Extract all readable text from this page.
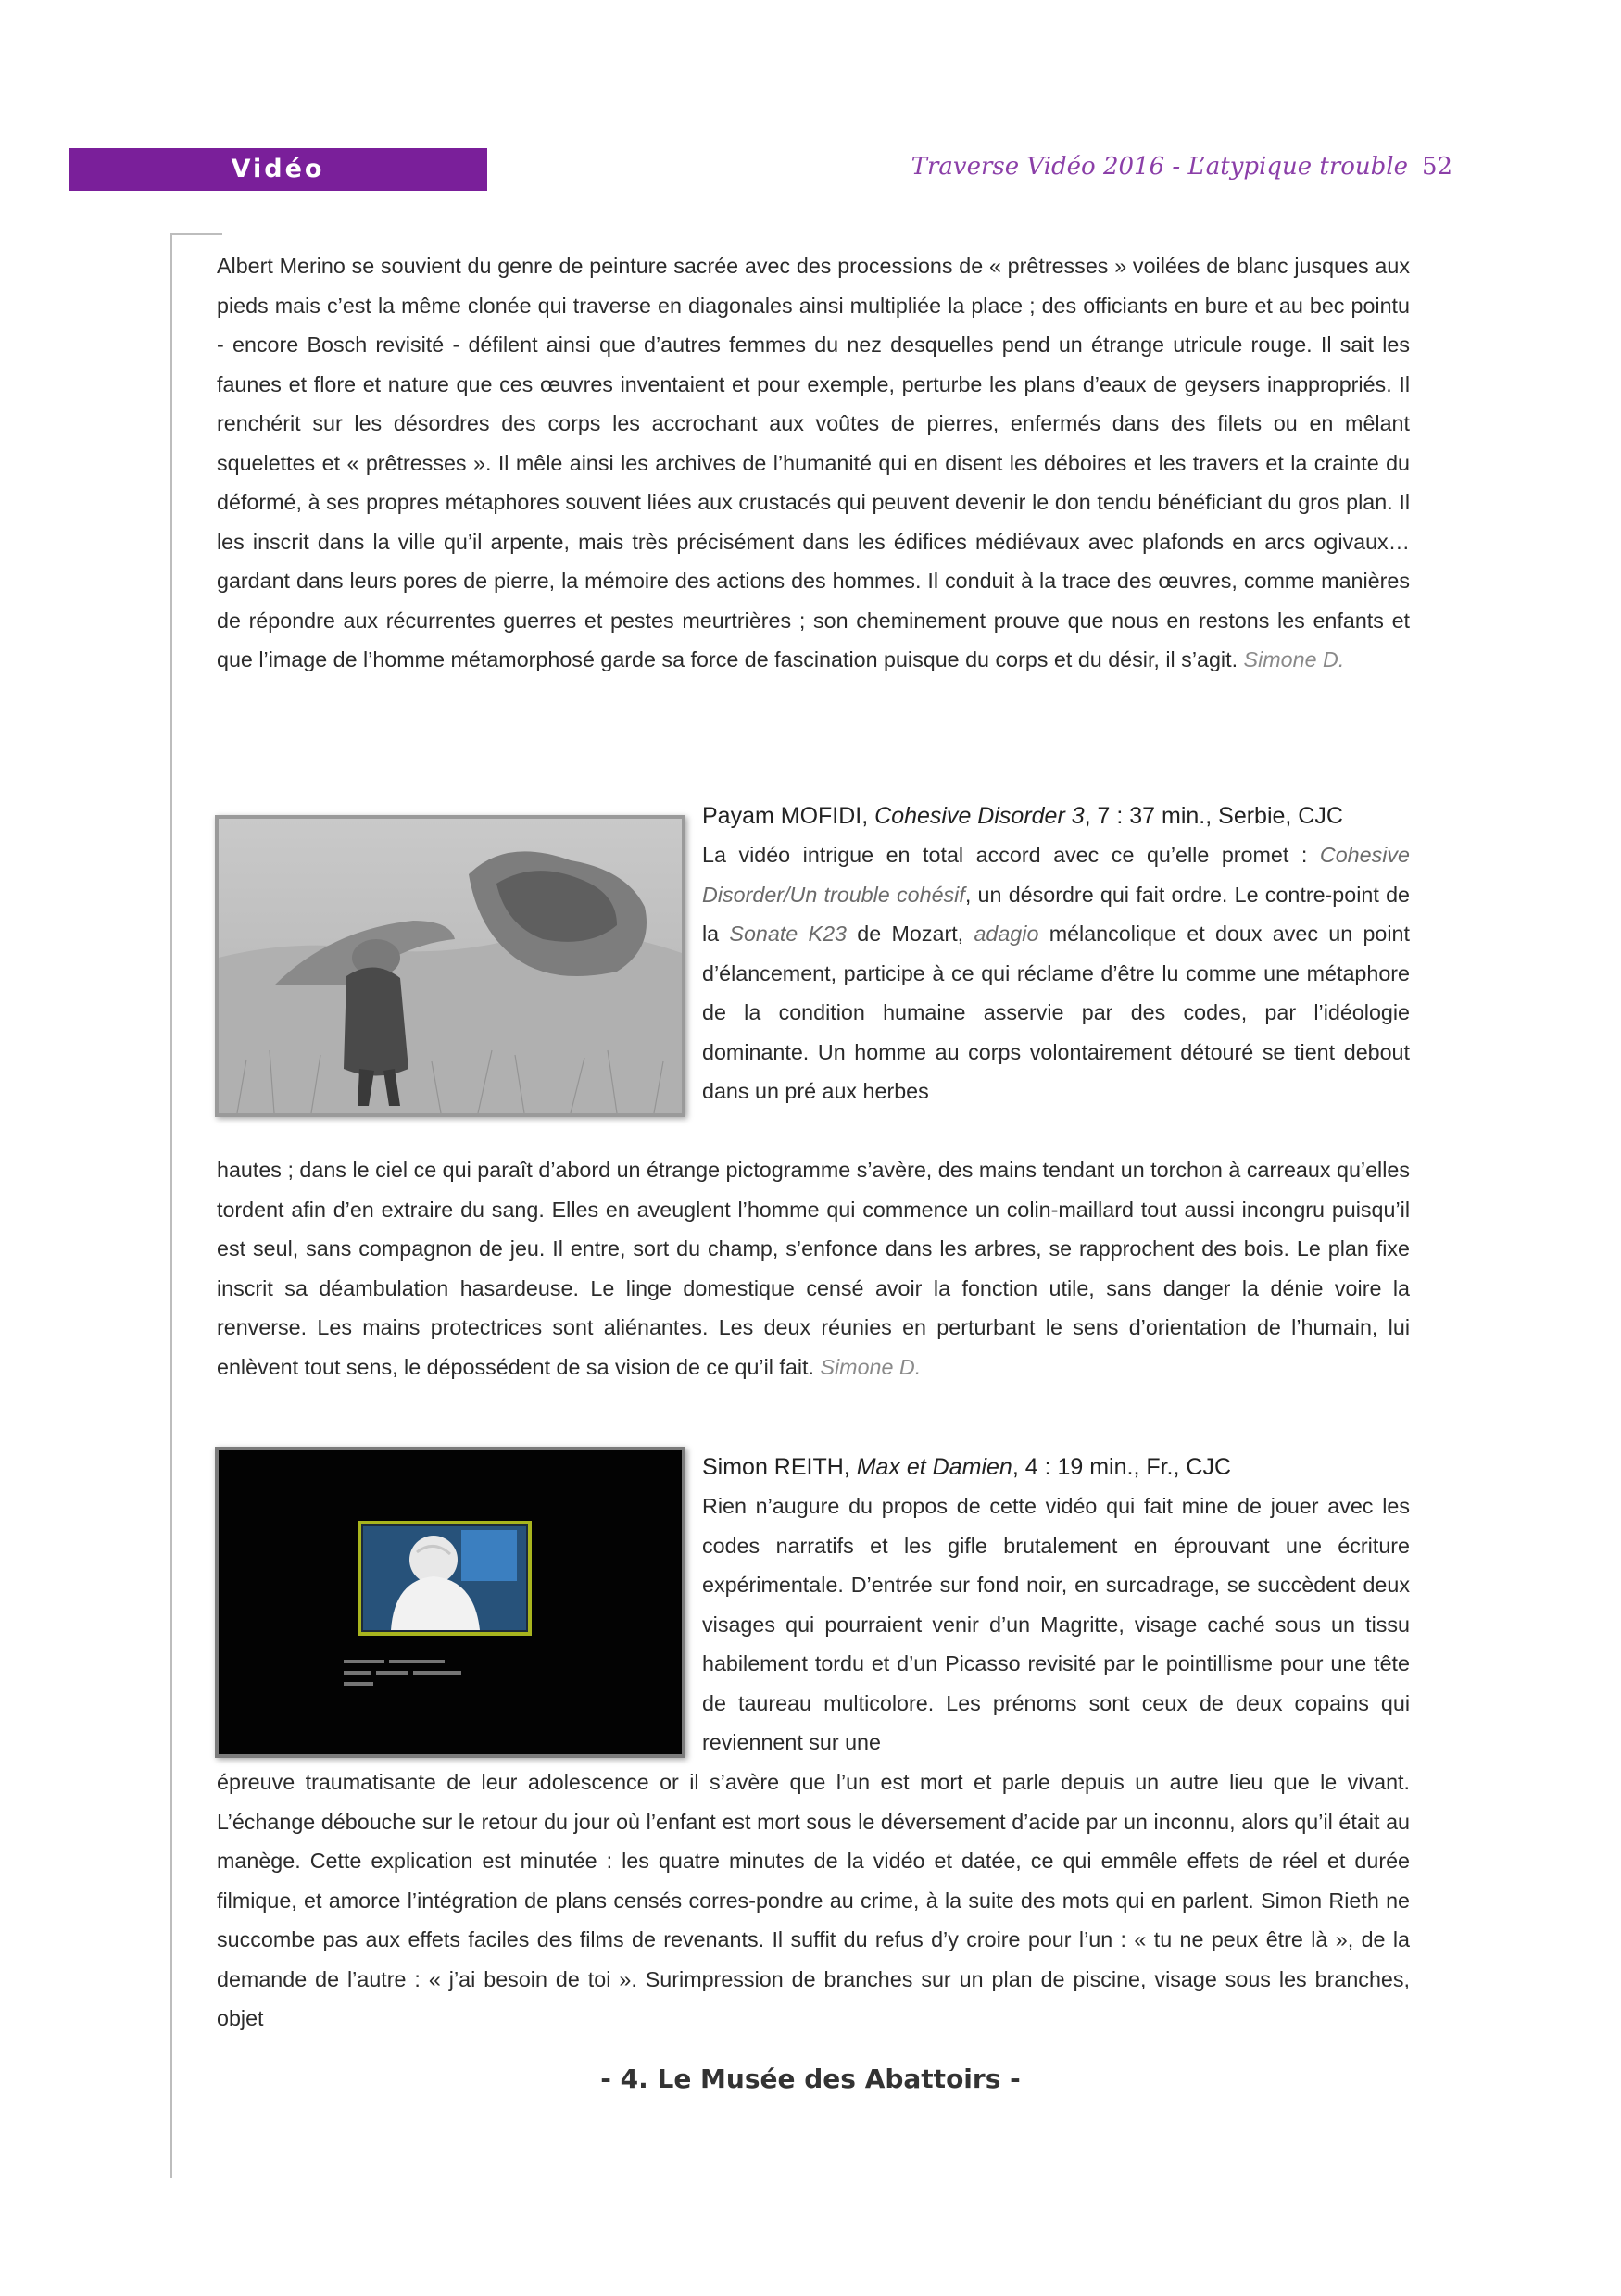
Vidéo	Traverse Vidéo 2016 - L’atypique trouble 52

Albert Merino se souvient du genre de peinture sacrée avec des processions de « prêtresses » voilées de blanc jusques aux pieds mais c’est la même clonée qui traverse en diagonales ainsi multipliée la place ; des officiants en bure et au bec pointu - encore Bosch revisité - défilent ainsi que d’autres femmes du nez desquelles pend un étrange utricule rouge. Il sait les faunes et flore et nature que ces œuvres inventaient et pour exemple, perturbe les plans d’eaux de geysers inappropriés. Il renchérit sur les désordres des corps les accrochant aux voûtes de pierres, enfermés dans des filets ou en mêlant squelettes et « prêtresses ». Il mêle ainsi les archives de l’humanité qui en disent les déboires et les travers et la crainte du déformé, à ses propres métaphores souvent liées aux crustacés qui peuvent devenir le don tendu bénéficiant du gros plan. Il les inscrit dans la ville qu’il arpente, mais très précisément dans les édifices médiévaux avec plafonds en arcs ogivaux… gardant dans leurs pores de pierre, la mémoire des actions des hommes. Il conduit à la trace des œuvres, comme manières de répondre aux récurrentes guerres et pestes meurtrières ; son cheminement prouve que nous en restons les enfants et que l’image de l’homme métamorphosé garde sa force de fascination puisque du corps et du désir, il s’agit. Simone D.

Payam MOFIDI, Cohesive Disorder 3, 7 : 37 min., Serbie, CJC

La vidéo intrigue en total accord avec ce qu’elle promet : Cohesive Disorder/Un trouble cohésif, un désordre qui fait ordre. Le contre-point de la Sonate K23 de Mozart, adagio mélancolique et doux avec un point d’élancement, participe à ce qui réclame d’être lu comme une métaphore de la condition humaine asservie par des codes, par l’idéologie dominante. Un homme au corps volontairement détouré se tient debout dans un pré aux herbes

hautes ; dans le ciel ce qui paraît d’abord un étrange pictogramme s’avère, des mains tendant un torchon à carreaux qu’elles tordent afin d’en extraire du sang. Elles en aveuglent l’homme qui commence un colin-maillard tout aussi incongru puisqu’il est seul, sans compagnon de jeu. Il entre, sort du champ, s’enfonce dans les arbres, se rapprochent des bois. Le plan fixe inscrit sa déambulation hasardeuse. Le linge domestique censé avoir la fonction utile, sans danger la dénie voire la renverse. Les mains protectrices sont aliénantes. Les deux réunies en perturbant le sens d’orientation de l’humain, lui enlèvent tout sens, le dépossédent de sa vision de ce qu’il fait. Simone D.

Simon REITH, Max et Damien, 4 : 19 min., Fr., CJC

Rien n’augure du propos de cette vidéo qui fait mine de jouer avec les codes narratifs et les gifle brutalement en éprouvant une écriture expérimentale. D’entrée sur fond noir, en surcadrage, se succèdent deux visages qui pourraient venir d’un Magritte, visage caché sous un tissu habilement tordu et d’un Picasso revisité par le pointillisme pour une tête de taureau multicolore. Les prénoms sont ceux de deux copains qui reviennent sur une

épreuve traumatisante de leur adolescence or il s’avère que l’un est mort et parle depuis un autre lieu que le vivant. L’échange débouche sur le retour du jour où l’enfant est mort sous le déversement d’acide par un inconnu, alors qu’il était au manège. Cette explication est minutée : les quatre minutes de la vidéo et datée, ce qui emmêle effets de réel et durée filmique, et amorce l’intégration de plans censés corres-pondre au crime, à la suite des mots qui en parlent. Simon Rieth ne succombe pas aux effets faciles des films de revenants. Il suffit du refus d’y croire pour l’un : « tu ne peux être là », de la demande de l’autre : « j’ai besoin de toi ». Surimpression de branches sur un plan de piscine, visage sous les branches, objet

- 4. Le Musée des Abattoirs -
